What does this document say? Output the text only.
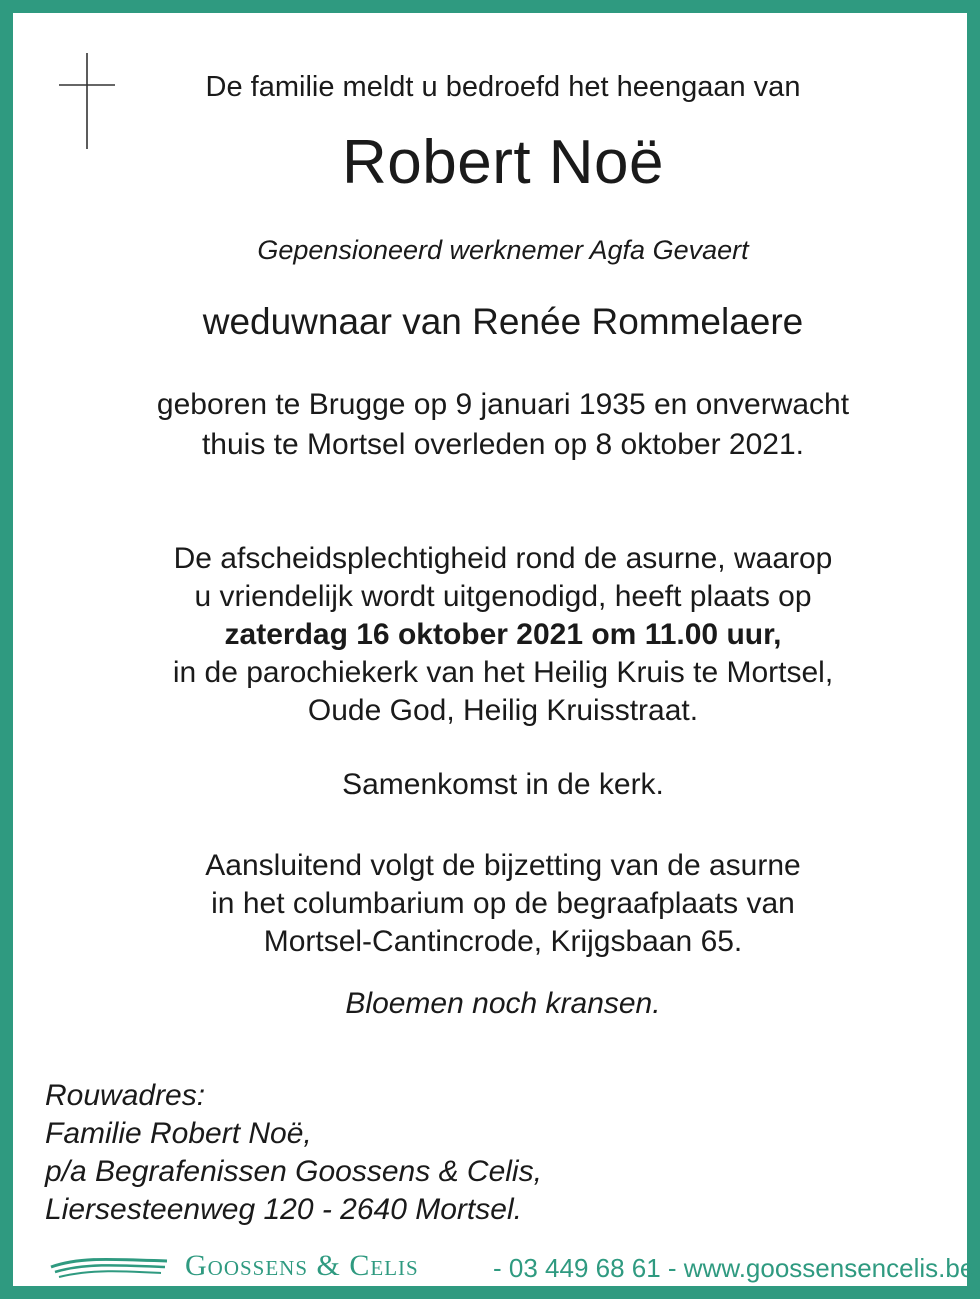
De familie meldt u bedroefd het heengaan van
Robert Noë
Gepensioneerd werknemer Agfa Gevaert
weduwnaar van Renée Rommelaere
geboren te Brugge op 9 januari 1935 en onverwacht
thuis te Mortsel overleden op 8 oktober 2021.
De afscheidsplechtigheid rond de asurne, waarop
u vriendelijk wordt uitgenodigd, heeft plaats op
zaterdag 16 oktober 2021 om 11.00 uur,
in de parochiekerk van het Heilig Kruis te Mortsel,
Oude God, Heilig Kruisstraat.
Samenkomst in de kerk.
Aansluitend volgt de bijzetting van de asurne
in het columbarium op de begraafplaats van
Mortsel-Cantincrode, Krijgsbaan 65.
Bloemen noch kransen.
Rouwadres:
Familie Robert Noë,
p/a Begrafenissen Goossens & Celis,
Liersesteenweg 120 - 2640 Mortsel.
Goossens & Celis	- 03 449 68 61 - www.goossensencelis.be
